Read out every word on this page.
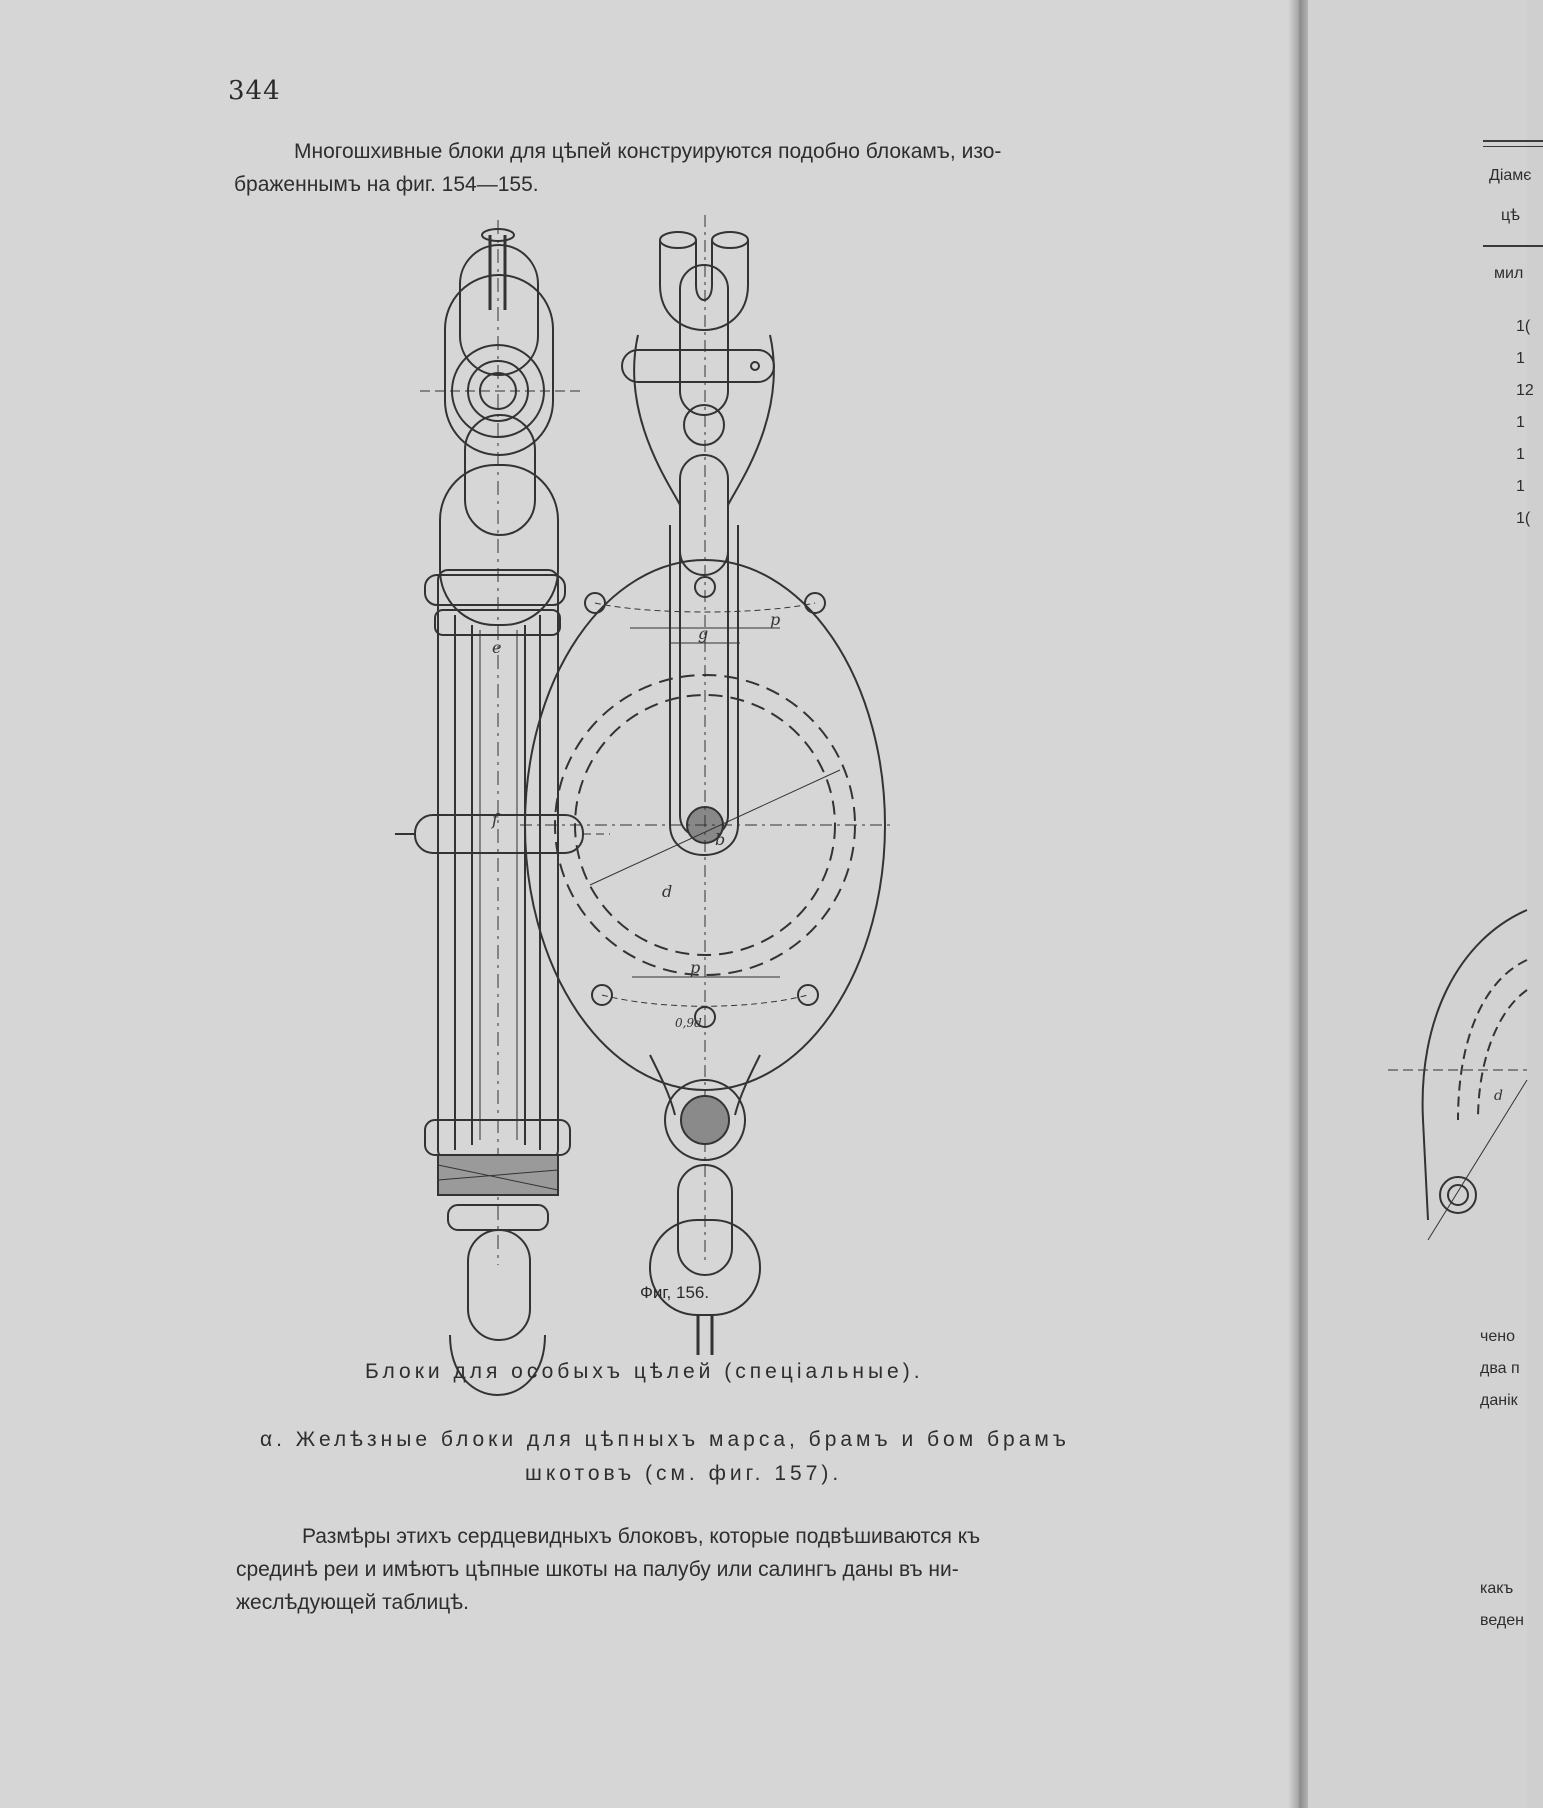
344
Многошхивные блоки для цѣпей конструируются подобно блокамъ, изо-
браженнымъ на фиг. 154—155.
e
f
d
g
p
p
b
0,9d
Фиг, 156.
Блоки для особыхъ цѣлей (спеціальные).
α. Желѣзные блоки для цѣпныхъ марса, брамъ и бом брамъ
шкотовъ (см. фиг. 157).
Размѣры этихъ сердцевидныхъ блоковъ, которые подвѣшиваются къ
срединѣ реи и имѣютъ цѣпные шкоты на палубу или салингъ даны въ ни-
жеслѣдующей таблицѣ.
Діамє
цѣ
мил
1(
1
12
1
1
1
1(
d
чено
два п
данік
какъ
веден
